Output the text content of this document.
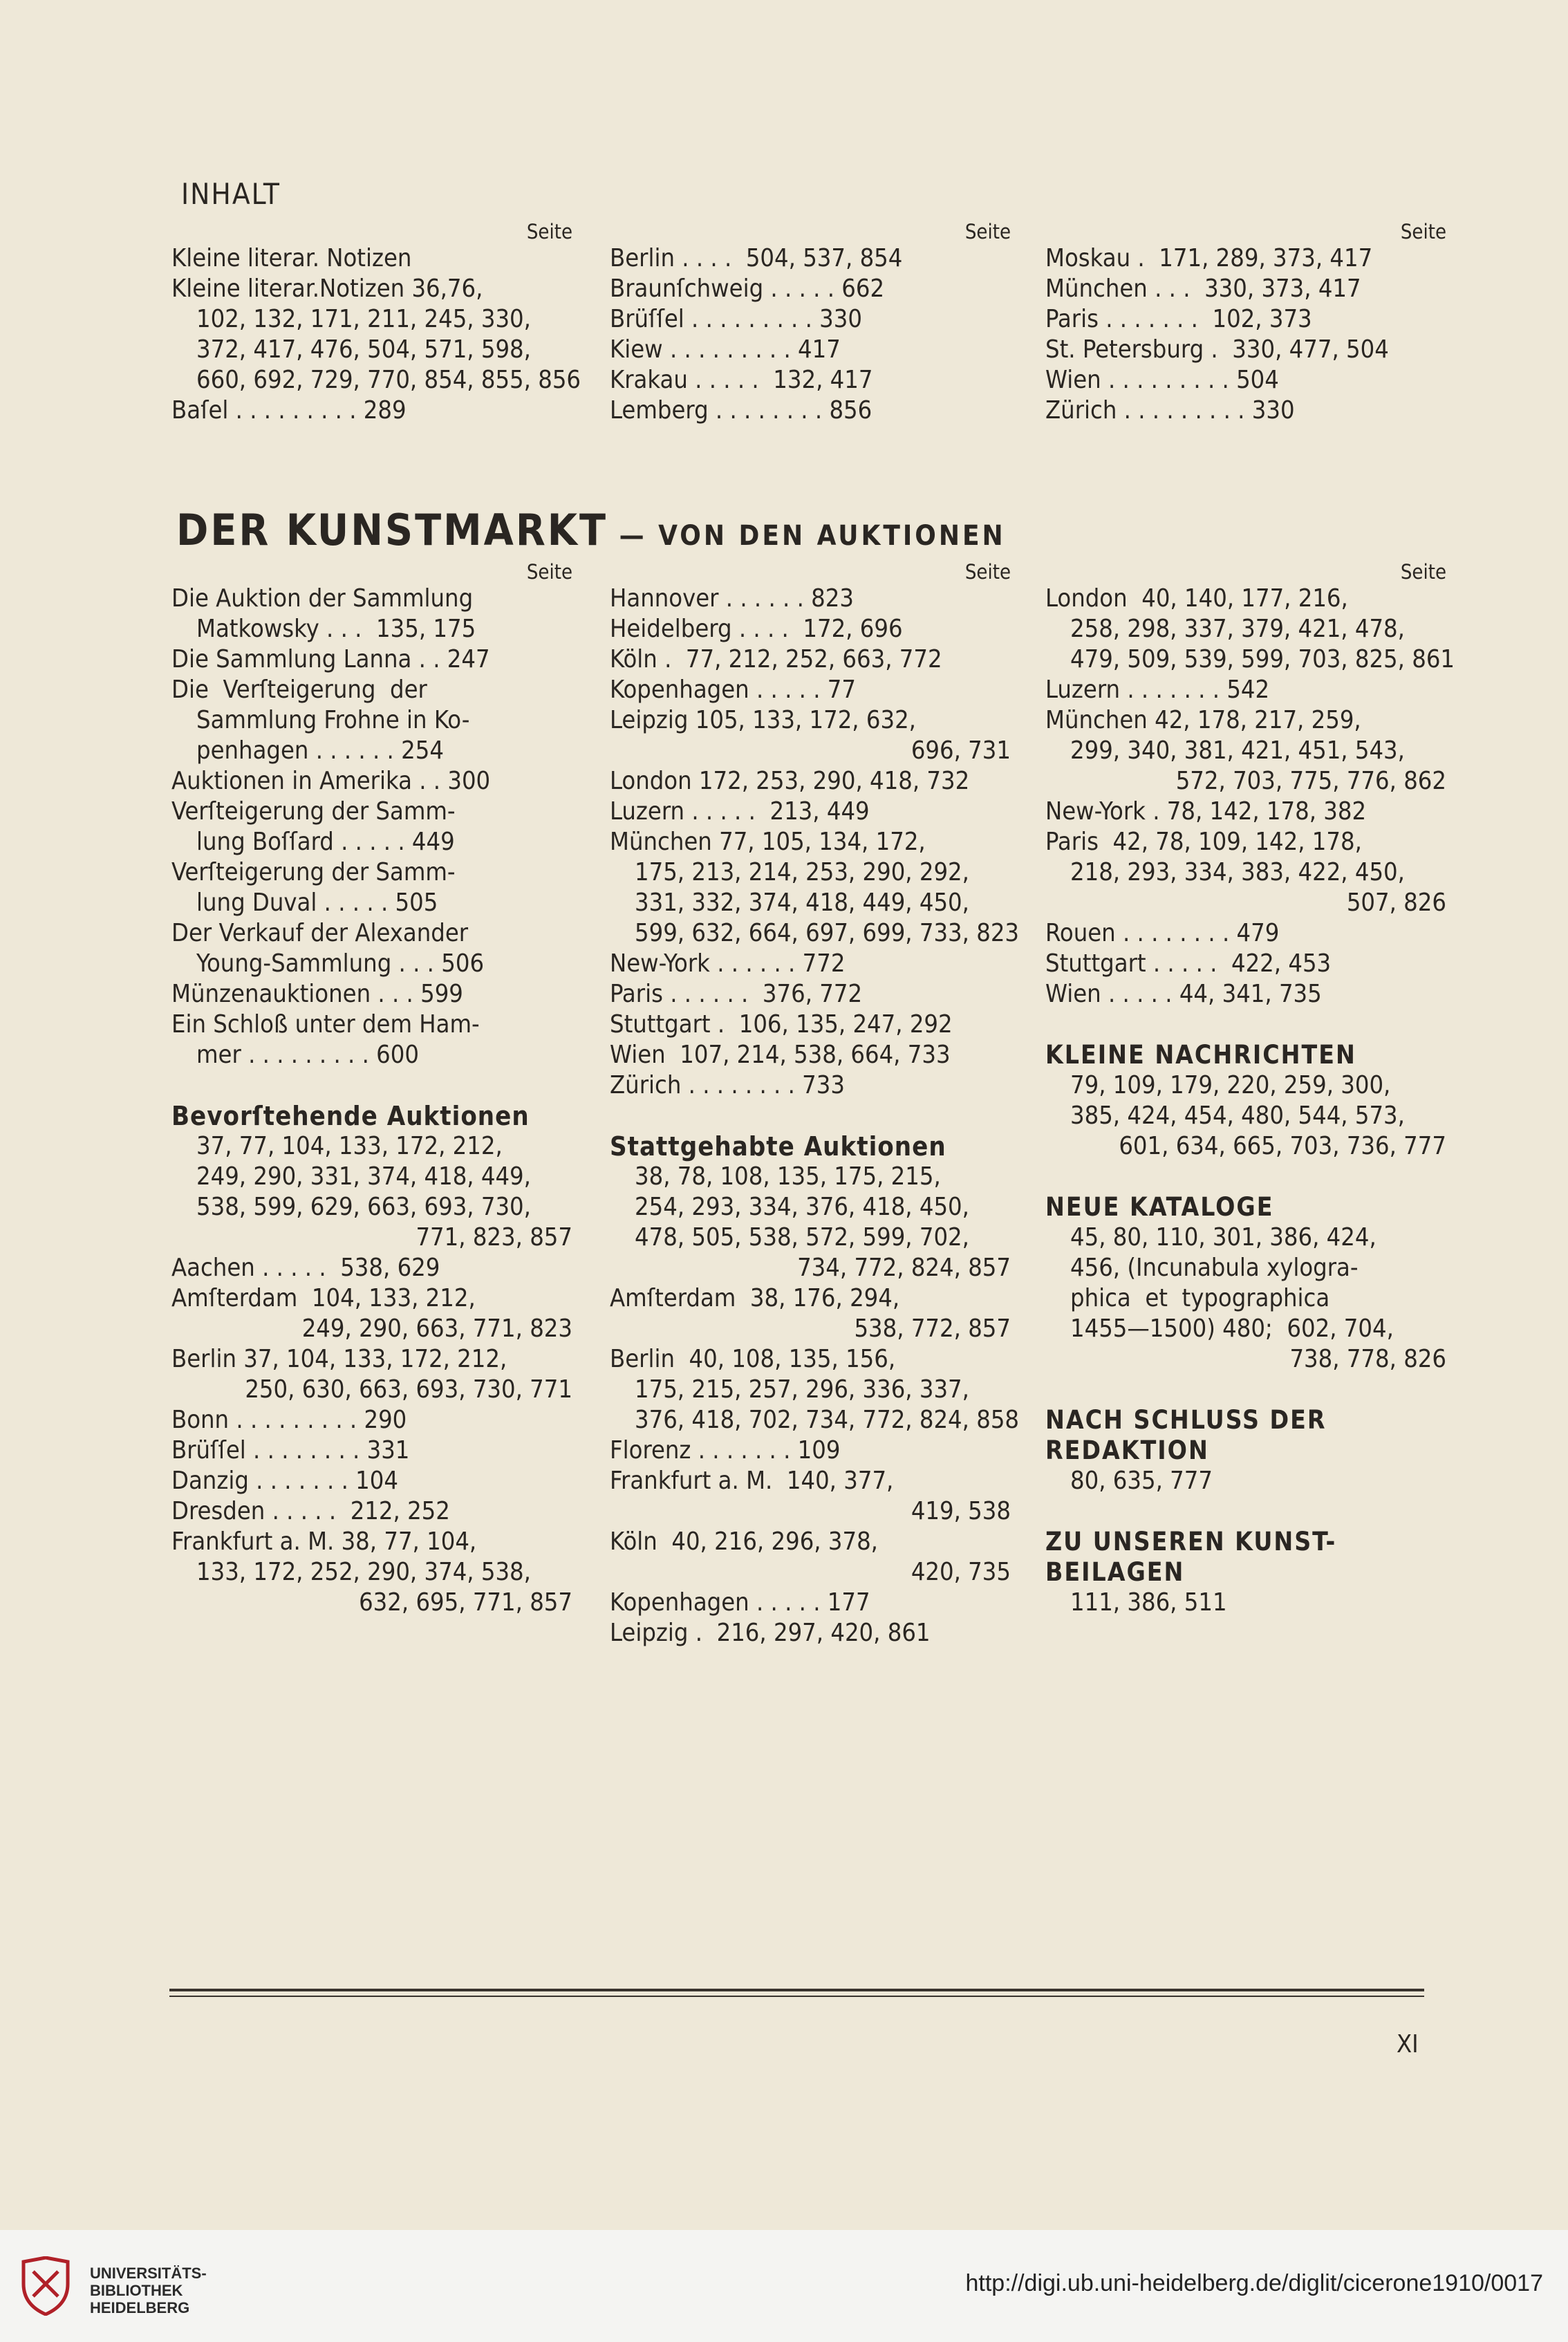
INHALT
Seite
Kleine literar. Notizen
Kleine literar.Notizen 36,76,
102, 132, 171, 211, 245, 330,
372, 417, 476, 504, 571, 598,
660, 692, 729, 770, 854, 855, 856
Baſel . . . . . . . . . 289
Seite
Berlin . . . .  504, 537, 854
Braunſchweig . . . . . 662
Brüſſel . . . . . . . . . 330
Kiew . . . . . . . . . 417
Krakau . . . . .  132, 417
Lemberg . . . . . . . . 856
Seite
Moskau .  171, 289, 373, 417
München . . .  330, 373, 417
Paris . . . . . . .  102, 373
St. Petersburg .  330, 477, 504
Wien . . . . . . . . . 504
Zürich . . . . . . . . . 330
DER KUNSTMARKT — VON DEN AUKTIONEN
Seite
Die Auktion der Sammlung
Matkowsky . . .  135, 175
Die Sammlung Lanna . . 247
Die  Verſteigerung  der
Sammlung Frohne in Ko-
penhagen . . . . . . 254
Auktionen in Amerika . . 300
Verſteigerung der Samm-
lung Boſſard . . . . . 449
Verſteigerung der Samm-
lung Duval . . . . . 505
Der Verkauf der Alexander
Young-Sammlung . . . 506
Münzenauktionen . . . 599
Ein Schloß unter dem Ham-
mer . . . . . . . . . 600
Bevorſtehende Auktionen
37, 77, 104, 133, 172, 212,
249, 290, 331, 374, 418, 449,
538, 599, 629, 663, 693, 730,
771, 823, 857
Aachen . . . . .  538, 629
Amſterdam  104, 133, 212,
249, 290, 663, 771, 823
Berlin 37, 104, 133, 172, 212,
250, 630, 663, 693, 730, 771
Bonn . . . . . . . . . 290
Brüſſel . . . . . . . . 331
Danzig . . . . . . . 104
Dresden . . . . .  212, 252
Frankfurt a. M. 38, 77, 104,
133, 172, 252, 290, 374, 538,
632, 695, 771, 857
Seite
Hannover . . . . . . 823
Heidelberg . . . .  172, 696
Köln .  77, 212, 252, 663, 772
Kopenhagen . . . . . 77
Leipzig 105, 133, 172, 632,
696, 731
London 172, 253, 290, 418, 732
Luzern . . . . .  213, 449
München 77, 105, 134, 172,
175, 213, 214, 253, 290, 292,
331, 332, 374, 418, 449, 450,
599, 632, 664, 697, 699, 733, 823
New-York . . . . . . 772
Paris . . . . . .  376, 772
Stuttgart .  106, 135, 247, 292
Wien  107, 214, 538, 664, 733
Zürich . . . . . . . . 733
Stattgehabte Auktionen
38, 78, 108, 135, 175, 215,
254, 293, 334, 376, 418, 450,
478, 505, 538, 572, 599, 702,
734, 772, 824, 857
Amſterdam  38, 176, 294,
538, 772, 857
Berlin  40, 108, 135, 156,
175, 215, 257, 296, 336, 337,
376, 418, 702, 734, 772, 824, 858
Florenz . . . . . . . 109
Frankfurt a. M.  140, 377,
419, 538
Köln  40, 216, 296, 378,
420, 735
Kopenhagen . . . . . 177
Leipzig .  216, 297, 420, 861
Seite
London  40, 140, 177, 216,
258, 298, 337, 379, 421, 478,
479, 509, 539, 599, 703, 825, 861
Luzern . . . . . . . 542
München 42, 178, 217, 259,
299, 340, 381, 421, 451, 543,
572, 703, 775, 776, 862
New-York . 78, 142, 178, 382
Paris  42, 78, 109, 142, 178,
218, 293, 334, 383, 422, 450,
507, 826
Rouen . . . . . . . . 479
Stuttgart . . . . .  422, 453
Wien . . . . . 44, 341, 735
KLEINE NACHRICHTEN
79, 109, 179, 220, 259, 300,
385, 424, 454, 480, 544, 573,
601, 634, 665, 703, 736, 777
NEUE KATALOGE
45, 80, 110, 301, 386, 424,
456, (Incunabula xylogra-
phica  et  typographica
1455—1500) 480;  602, 704,
738, 778, 826
NACH SCHLUSS DER
REDAKTION
80, 635, 777
ZU UNSEREN KUNST-
BEILAGEN
111, 386, 511
XI
UNIVERSITÄTS-
BIBLIOTHEK
HEIDELBERG
http://digi.ub.uni-heidelberg.de/diglit/cicerone1910/0017
